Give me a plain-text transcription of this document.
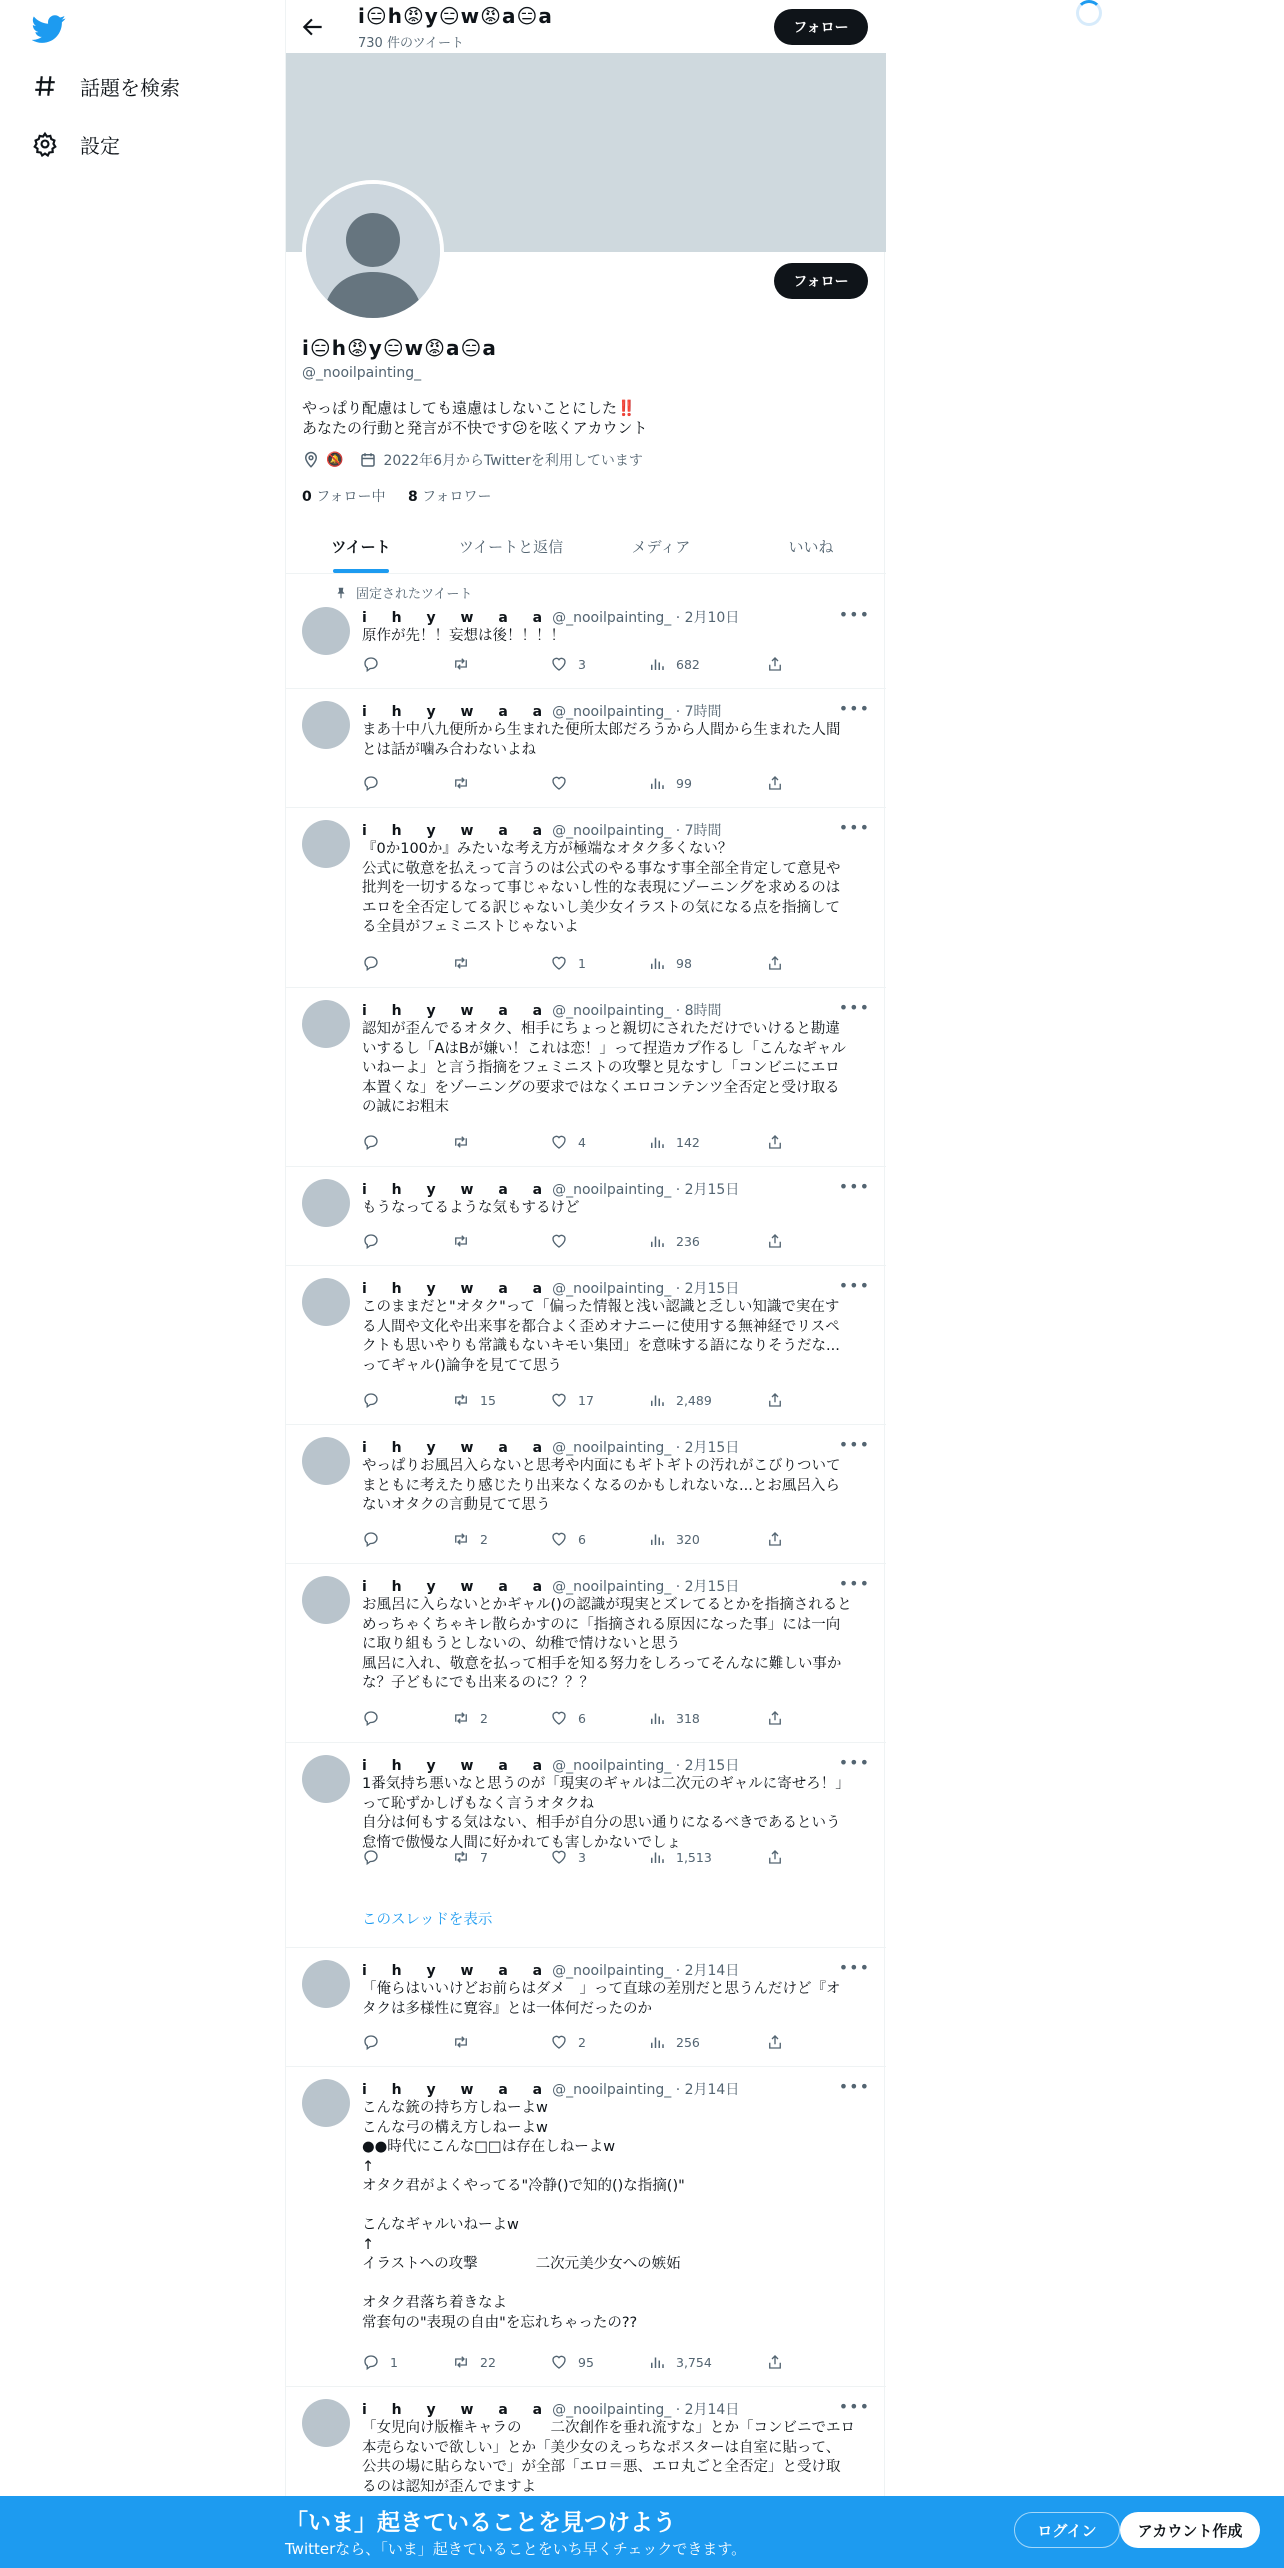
話題を検索
設定
i😑h😡y😑w😡a😑a
730 件のツイート
フォロー
フォロー
i😑h😡y😑w😡a😑a
@_nooilpainting_
やっぱり配慮はしても遠慮はしないことにした‼️
あなたの行動と発言が不快です😕を呟くアカウント
🔕	2022年6月からTwitterを利用しています
0 フォロー中 8 フォロワー
ツイート	ツイートと返信	メディア	いいね
固定されたツイート
i h y w a a@_nooilpainting_ · 2月10日	•••
原作が先！！妄想は後！！！！
3	682
i h y w a a@_nooilpainting_ · 7時間	•••
まあ十中八九便所から生まれた便所太郎だろうから人間から生まれた人間
とは話が噛み合わないよね
99
i h y w a a@_nooilpainting_ · 7時間	•••
『0か100か』みたいな考え方が極端なオタク多くない？
公式に敬意を払えって言うのは公式のやる事なす事全部全肯定して意見や
批判を一切するなって事じゃないし性的な表現にゾーニングを求めるのは
エロを全否定してる訳じゃないし美少女イラストの気になる点を指摘して
る全員がフェミニストじゃないよ
1	98
i h y w a a@_nooilpainting_ · 8時間	•••
認知が歪んでるオタク、相手にちょっと親切にされただけでいけると勘違
いするし「AはBが嫌い！これは恋！」って捏造カプ作るし「こんなギャル
いねーよ」と言う指摘をフェミニストの攻撃と見なすし「コンビニにエロ
本置くな」をゾーニングの要求ではなくエロコンテンツ全否定と受け取る
の誠にお粗末
4	142
i h y w a a@_nooilpainting_ · 2月15日	•••
もうなってるような気もするけど
236
i h y w a a@_nooilpainting_ · 2月15日	•••
このままだと"オタク"って「偏った情報と浅い認識と乏しい知識で実在す
る人間や文化や出来事を都合よく歪めオナニーに使用する無神経でリスペ
クトも思いやりも常識もないキモい集団」を意味する語になりそうだな...
ってギャル()論争を見てて思う
15	17	2,489
i h y w a a@_nooilpainting_ · 2月15日	•••
やっぱりお風呂入らないと思考や内面にもギトギトの汚れがこびりついて
まともに考えたり感じたり出来なくなるのかもしれないな...とお風呂入ら
ないオタクの言動見てて思う
2	6	320
i h y w a a@_nooilpainting_ · 2月15日	•••
お風呂に入らないとかギャル()の認識が現実とズレてるとかを指摘されると
めっちゃくちゃキレ散らかすのに「指摘される原因になった事」には一向
に取り組もうとしないの、幼稚で情けないと思う
風呂に入れ、敬意を払って相手を知る努力をしろってそんなに難しい事か
な？子どもにでも出来るのに？？？
2	6	318
i h y w a a@_nooilpainting_ · 2月15日	•••
1番気持ち悪いなと思うのが「現実のギャルは二次元のギャルに寄せろ！」
って恥ずかしげもなく言うオタクね
自分は何もする気はない、相手が自分の思い通りになるべきであるという
怠惰で傲慢な人間に好かれても害しかないでしょ
7	3	1,513
このスレッドを表示
i h y w a a@_nooilpainting_ · 2月14日	•••
「俺らはいいけどお前らはダメ　」って直球の差別だと思うんだけど『オ
タクは多様性に寛容』とは一体何だったのか
2	256
i h y w a a@_nooilpainting_ · 2月14日	•••
こんな銃の持ち方しねーよw
こんな弓の構え方しねーよw
●●時代にこんな□□は存在しねーよw
↑
オタク君がよくやってる"冷静()で知的()な指摘()"

こんなギャルいねーよw
↑
イラストへの攻撃　　　　二次元美少女への嫉妬

オタク君落ち着きなよ
常套句の"表現の自由"を忘れちゃったの??
1	22	95	3,754
i h y w a a@_nooilpainting_ · 2月14日	•••
「女児向け版権キャラの　　二次創作を垂れ流すな」とか「コンビニでエロ
本売らないで欲しい」とか「美少女のえっちなポスターは自室に貼って、
公共の場に貼らないで」が全部「エロ＝悪、エロ丸ごと全否定」と受け取
るのは認知が歪んでますよ
「いま」起きていることを見つけよう
Twitterなら、「いま」起きていることをいち早くチェックできます。
ログイン	アカウント作成
